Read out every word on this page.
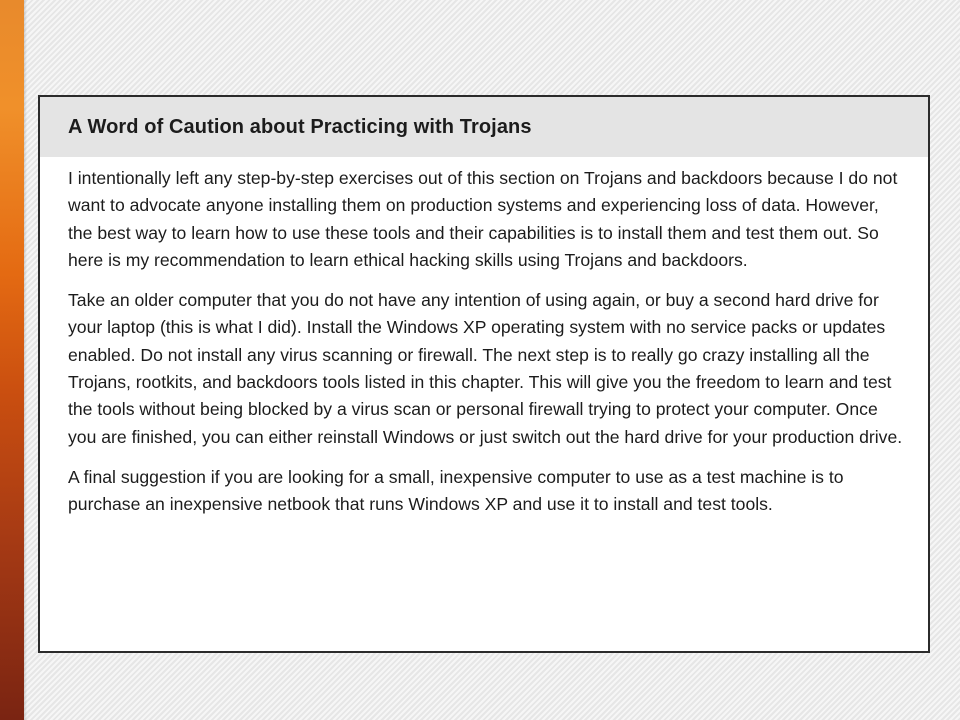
A Word of Caution about Practicing with Trojans

I intentionally left any step-by-step exercises out of this section on Trojans and backdoors because I do not want to advocate anyone installing them on production systems and experiencing loss of data. However, the best way to learn how to use these tools and their capabilities is to install them and test them out. So here is my recommendation to learn ethical hacking skills using Trojans and backdoors.

Take an older computer that you do not have any intention of using again, or buy a second hard drive for your laptop (this is what I did). Install the Windows XP operating system with no service packs or updates enabled. Do not install any virus scanning or firewall. The next step is to really go crazy installing all the Trojans, rootkits, and backdoors tools listed in this chapter. This will give you the freedom to learn and test the tools without being blocked by a virus scan or personal firewall trying to protect your computer. Once you are finished, you can either reinstall Windows or just switch out the hard drive for your production drive.

A final suggestion if you are looking for a small, inexpensive computer to use as a test machine is to purchase an inexpensive netbook that runs Windows XP and use it to install and test tools.
